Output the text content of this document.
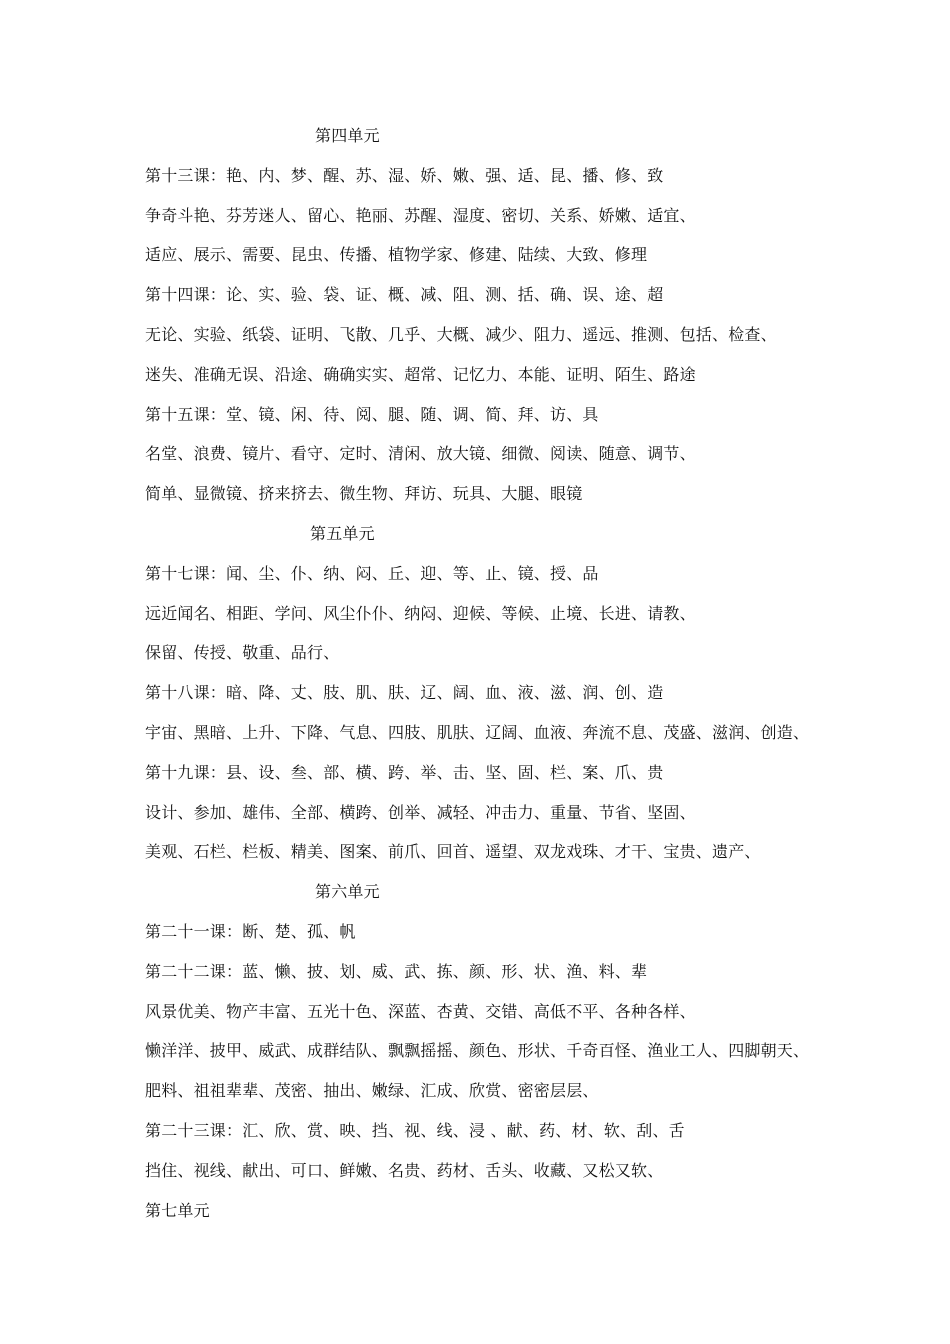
第四单元
第十三课：艳、内、梦、醒、苏、湿、娇、嫩、强、适、昆、播、修、致
争奇斗艳、芬芳迷人、留心、艳丽、苏醒、湿度、密切、关系、娇嫩、适宜、
适应、展示、需要、昆虫、传播、植物学家、修建、陆续、大致、修理
第十四课：论、实、验、袋、证、概、减、阻、测、括、确、误、途、超
无论、实验、纸袋、证明、飞散、几乎、大概、减少、阻力、遥远、推测、包括、检查、
迷失、准确无误、沿途、确确实实、超常、记忆力、本能、证明、陌生、路途
第十五课：堂、镜、闲、待、阅、腿、随、调、简、拜、访、具
名堂、浪费、镜片、看守、定时、清闲、放大镜、细微、阅读、随意、调节、
简单、显微镜、挤来挤去、微生物、拜访、玩具、大腿、眼镜
第五单元
第十七课：闻、尘、仆、纳、闷、丘、迎、等、止、镜、授、品
远近闻名、相距、学问、风尘仆仆、纳闷、迎候、等候、止境、长进、请教、
保留、传授、敬重、品行、
第十八课：暗、降、丈、肢、肌、肤、辽、阔、血、液、滋、润、创、造
宇宙、黑暗、上升、下降、气息、四肢、肌肤、辽阔、血液、奔流不息、茂盛、滋润、创造、
第十九课：县、设、叁、部、横、跨、举、击、坚、固、栏、案、爪、贵
设计、参加、雄伟、全部、横跨、创举、减轻、冲击力、重量、节省、坚固、
美观、石栏、栏板、精美、图案、前爪、回首、遥望、双龙戏珠、才干、宝贵、遗产、
第六单元
第二十一课：断、楚、孤、帆
第二十二课：蓝、懒、披、划、威、武、拣、颜、形、状、渔、料、辈
风景优美、物产丰富、五光十色、深蓝、杏黄、交错、高低不平、各种各样、
懒洋洋、披甲、威武、成群结队、飘飘摇摇、颜色、形状、千奇百怪、渔业工人、四脚朝天、
肥料、祖祖辈辈、茂密、抽出、嫩绿、汇成、欣赏、密密层层、
第二十三课：汇、欣、赏、映、挡、视、线、浸 、献、药、材、软、刮、舌
挡住、视线、献出、可口、鲜嫩、名贵、药材、舌头、收藏、又松又软、
第七单元
